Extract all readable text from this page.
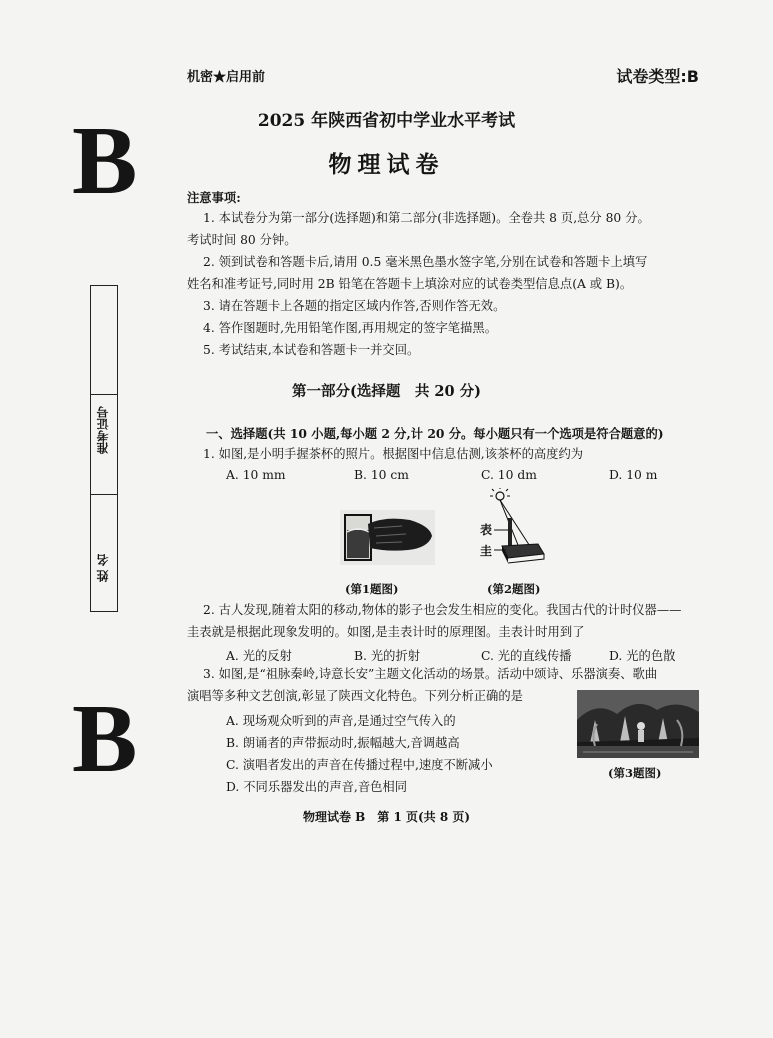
机密★启用前	试卷类型:B
B
B
2025 年陕西省初中学业水平考试
物理试卷
准考证号
姓 名
注意事项:
1. 本试卷分为第一部分(选择题)和第二部分(非选择题)。全卷共 8 页,总分 80 分。
考试时间 80 分钟。
2. 领到试卷和答题卡后,请用 0.5 毫米黑色墨水签字笔,分别在试卷和答题卡上填写
姓名和准考证号,同时用 2B 铅笔在答题卡上填涂对应的试卷类型信息点(A 或 B)。
3. 请在答题卡上各题的指定区域内作答,否则作答无效。
4. 答作图题时,先用铅笔作图,再用规定的签字笔描黑。
5. 考试结束,本试卷和答题卡一并交回。
第一部分(选择题　共 20 分)
一、选择题(共 10 小题,每小题 2 分,计 20 分。每小题只有一个选项是符合题意的)
1. 如图,是小明手握茶杯的照片。根据图中信息估测,该茶杯的高度约为
A. 10 mm	B. 10 cm	C. 10 dm	D. 10 m
(第1题图)
表
圭
(第2题图)
2. 古人发现,随着太阳的移动,物体的影子也会发生相应的变化。我国古代的计时仪器——
圭表就是根据此现象发明的。如图,是圭表计时的原理图。圭表计时用到了
A. 光的反射	B. 光的折射	C. 光的直线传播	D. 光的色散
3. 如图,是“祖脉秦岭,诗意长安”主题文化活动的场景。活动中颂诗、乐器演奏、歌曲
演唱等多种文艺创演,彰显了陕西文化特色。下列分析正确的是
A. 现场观众听到的声音,是通过空气传入的
B. 朗诵者的声带振动时,振幅越大,音调越高
C. 演唱者发出的声音在传播过程中,速度不断减小
D. 不同乐器发出的声音,音色相同
(第3题图)
物理试卷 B　第 1 页(共 8 页)
